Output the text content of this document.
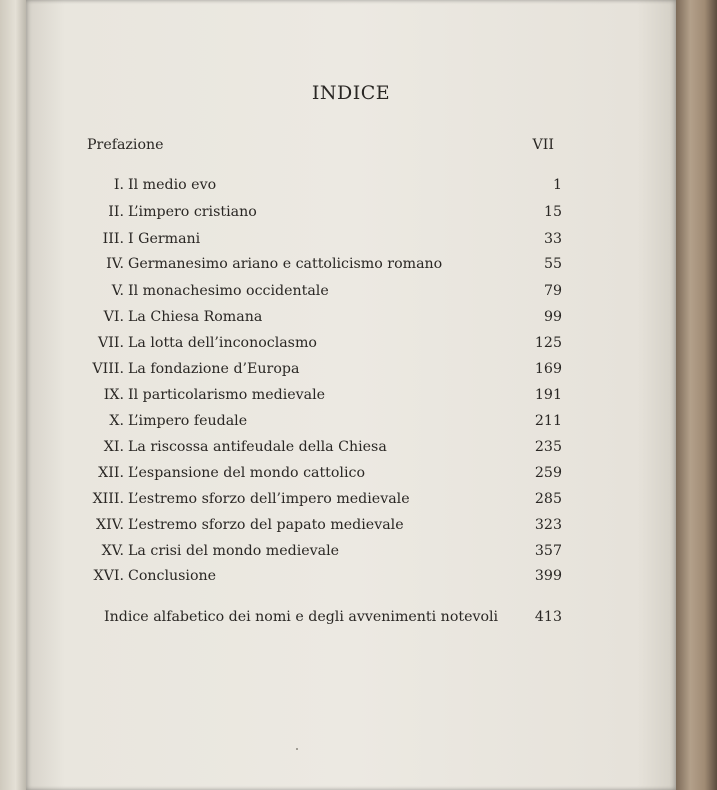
INDICE
Prefazione	VII
I. Il medio evo	1
II. L’impero cristiano	15
III. I Germani	33
IV. Germanesimo ariano e cattolicismo romano	55
V. Il monachesimo occidentale	79
VI. La Chiesa Romana	99
VII. La lotta dell’inconoclasmo	125
VIII. La fondazione d’Europa	169
IX. Il particolarismo medievale	191
X. L’impero feudale	211
XI. La riscossa antifeudale della Chiesa	235
XII. L’espansione del mondo cattolico	259
XIII. L’estremo sforzo dell’impero medievale	285
XIV. L’estremo sforzo del papato medievale	323
XV. La crisi del mondo medievale	357
XVI. Conclusione	399
Indice alfabetico dei nomi e degli avvenimenti notevoli	413
